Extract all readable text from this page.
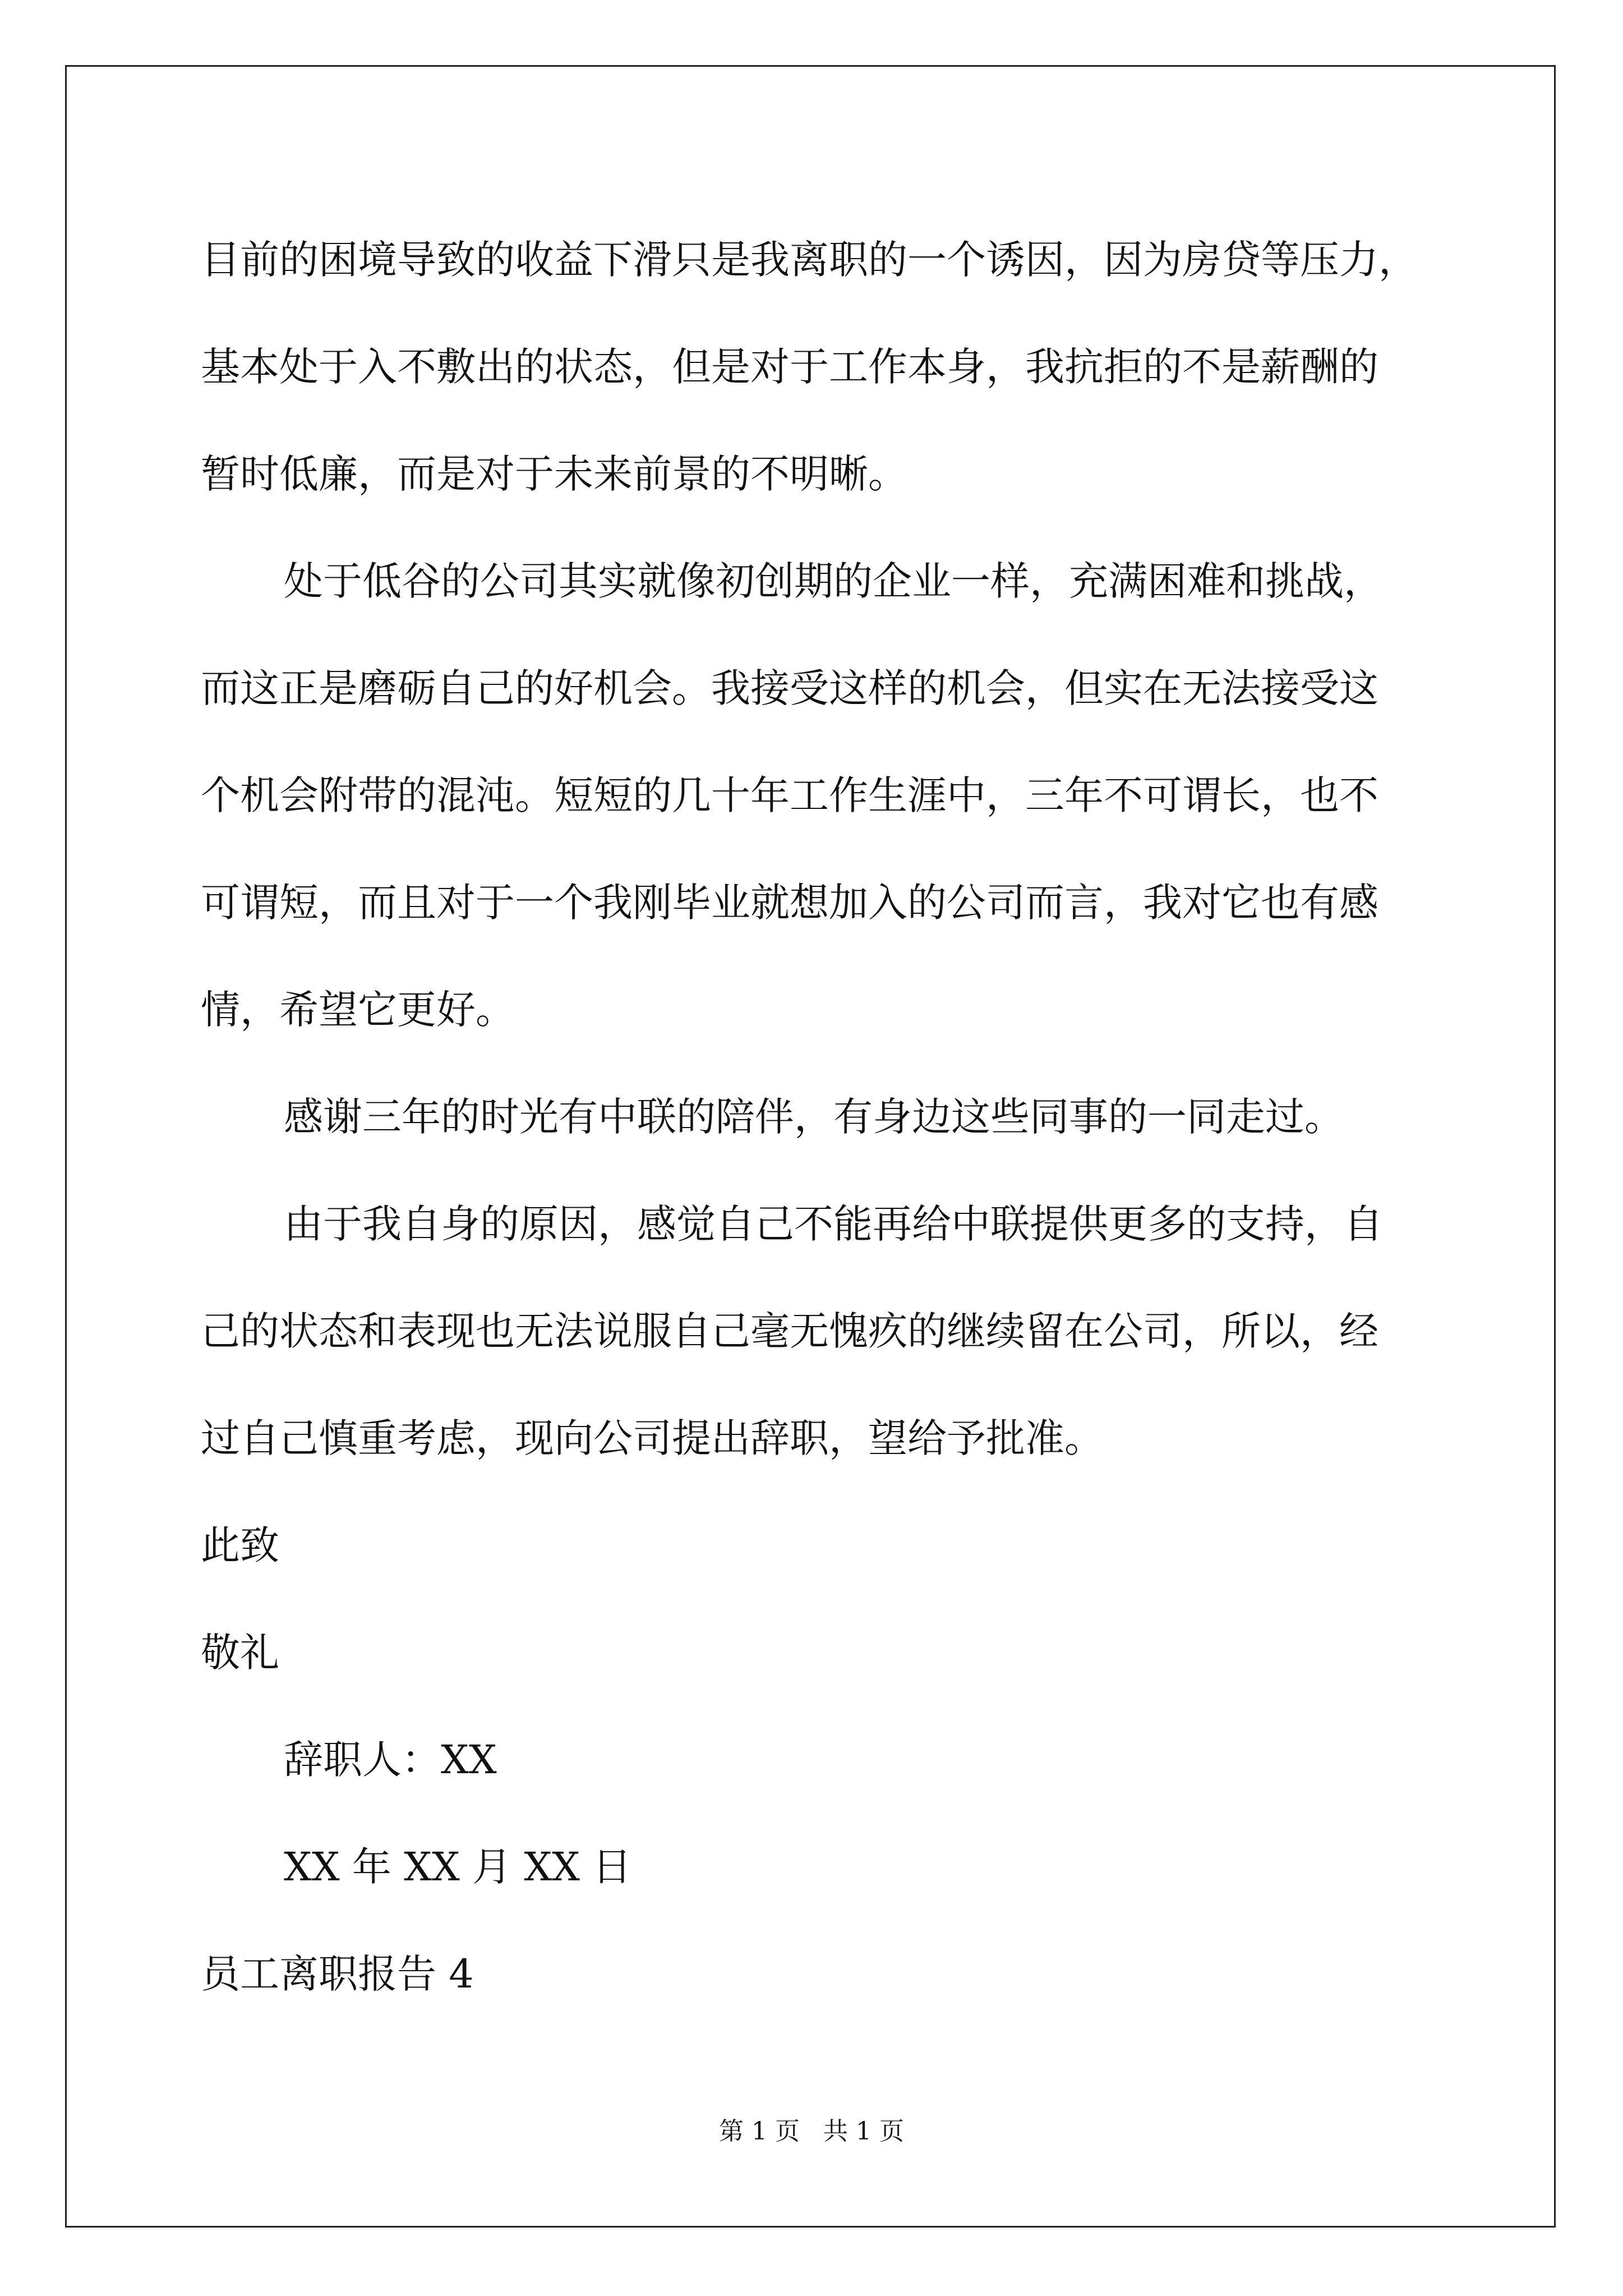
目前的困境导致的收益下滑只是我离职的一个诱因，因为房贷等压力，
基本处于入不敷出的状态，但是对于工作本身，我抗拒的不是薪酬的
暂时低廉，而是对于未来前景的不明晰。

处于低谷的公司其实就像初创期的企业一样，充满困难和挑战，
而这正是磨砺自己的好机会。我接受这样的机会，但实在无法接受这
个机会附带的混沌。短短的几十年工作生涯中，三年不可谓长，也不
可谓短，而且对于一个我刚毕业就想加入的公司而言，我对它也有感
情，希望它更好。

感谢三年的时光有中联的陪伴，有身边这些同事的一同走过。

由于我自身的原因，感觉自己不能再给中联提供更多的支持，自
己的状态和表现也无法说服自己毫无愧疚的继续留在公司，所以，经
过自己慎重考虑，现向公司提出辞职，望给予批准。

此致

敬礼

辞职人：XX

XX 年 XX 月 XX 日

员工离职报告 4

第 1 页   共 1 页
